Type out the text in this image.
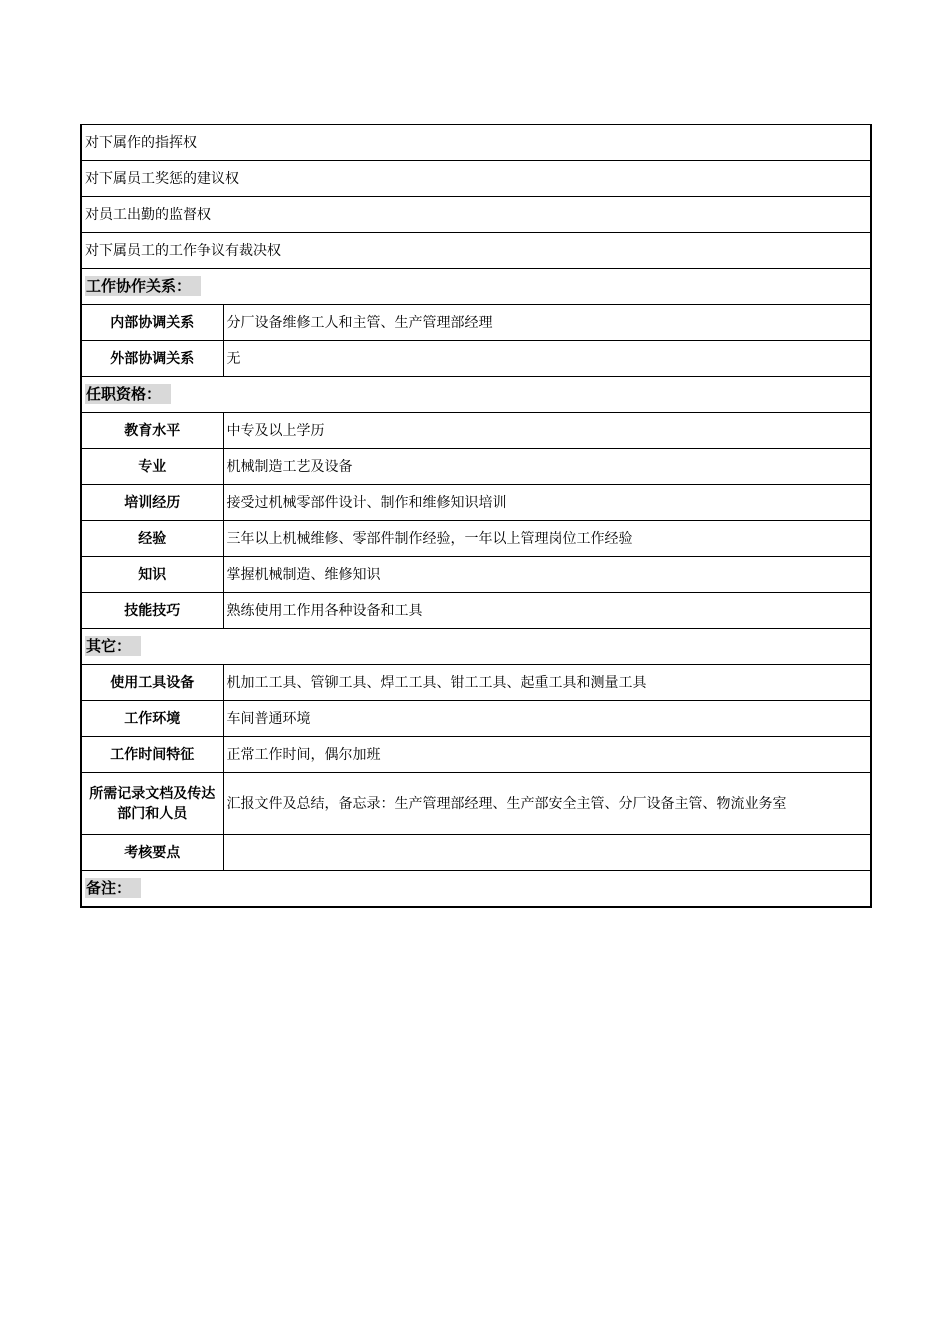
对下属作的指挥权	
对下属员工奖惩的建议权	
对员工出勤的监督权	
对下属员工的工作争议有裁决权	
工作协作关系：	
内部协调关系	分厂设备维修工人和主管、生产管理部经理
外部协调关系	无
任职资格：	
教育水平	中专及以上学历
专业	机械制造工艺及设备
培训经历	接受过机械零部件设计、制作和维修知识培训
经验	三年以上机械维修、零部件制作经验，一年以上管理岗位工作经验
知识	掌握机械制造、维修知识
技能技巧	熟练使用工作用各种设备和工具
其它：	
使用工具设备	机加工工具、管铆工具、焊工工具、钳工工具、起重工具和测量工具
工作环境	车间普通环境
工作时间特征	正常工作时间，偶尔加班
所需记录文档及传达部门和人员	汇报文件及总结，备忘录：生产管理部经理、生产部安全主管、分厂设备主管、物流业务室
考核要点	
备注：	
